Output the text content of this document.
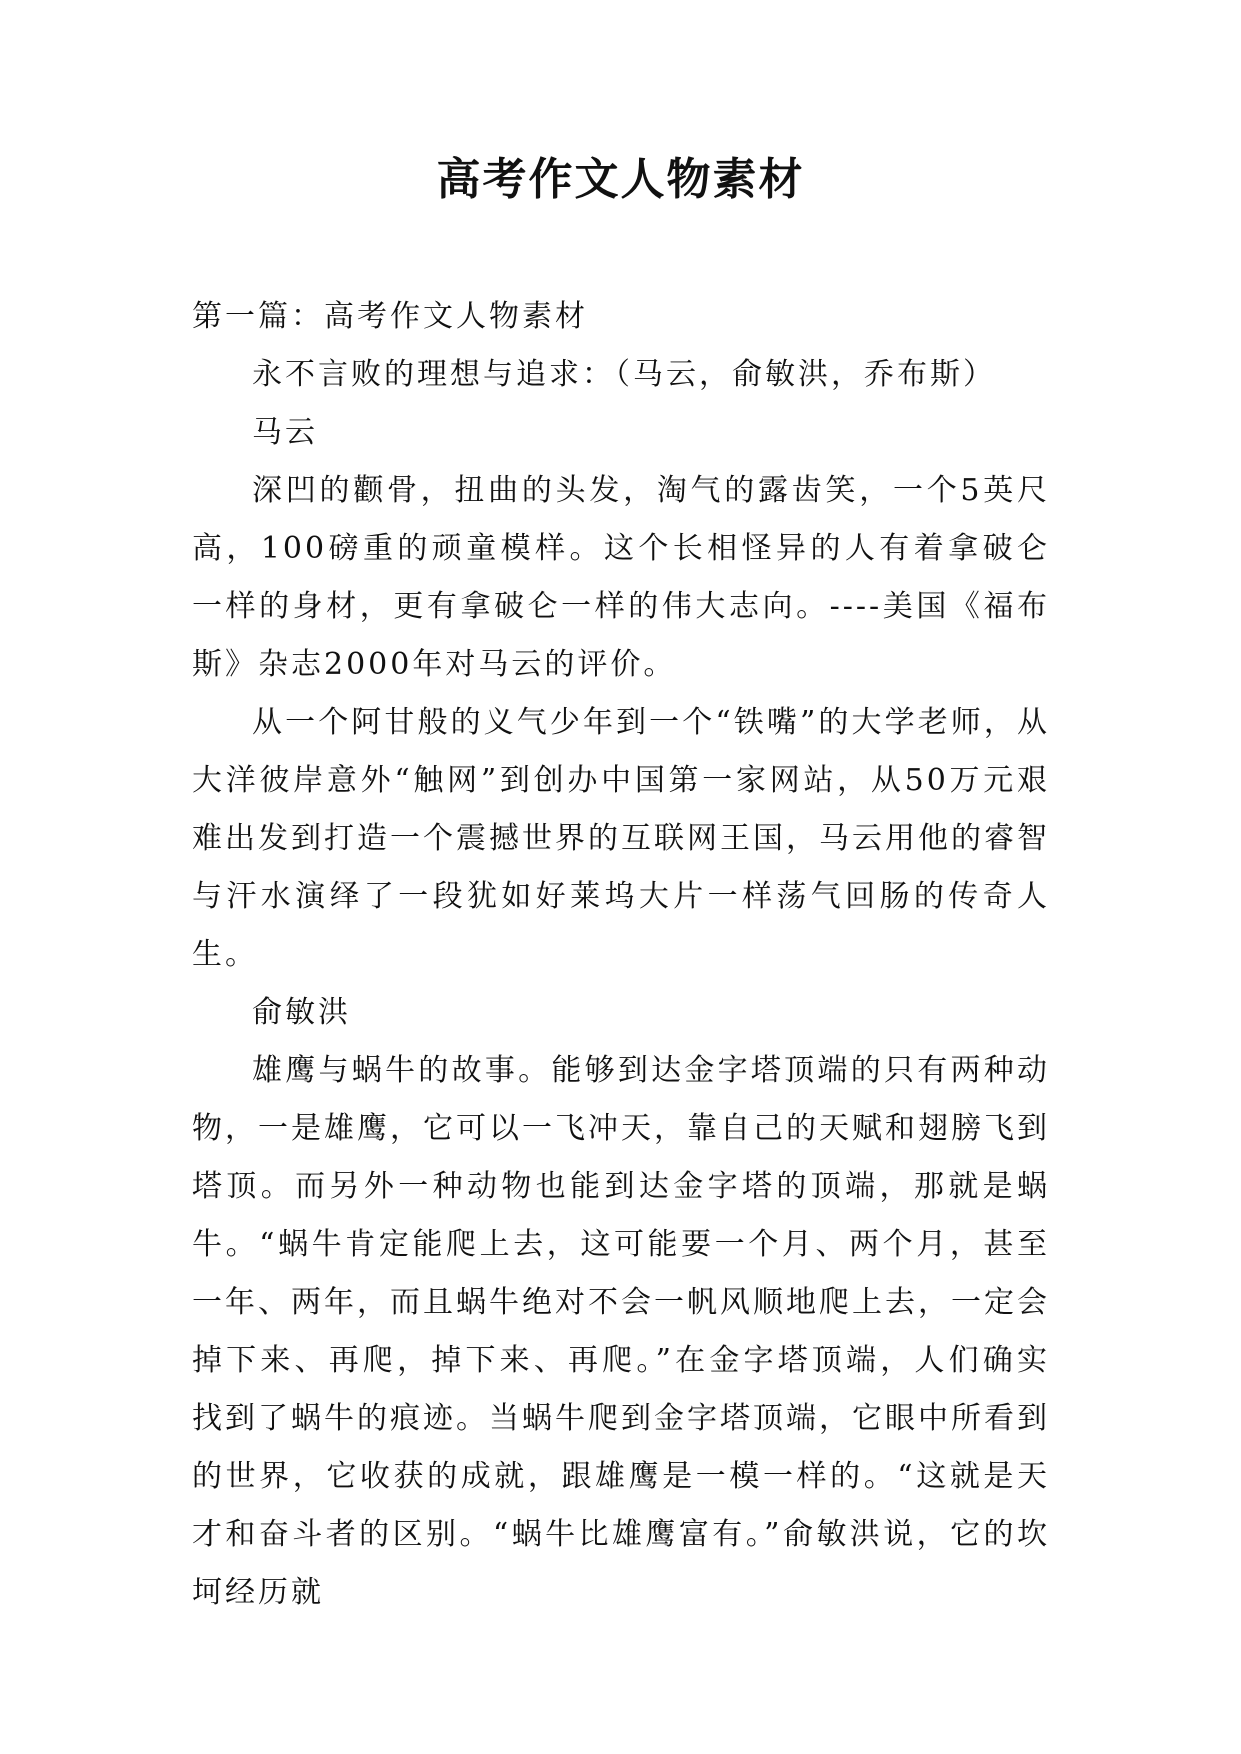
高考作文人物素材

第一篇：高考作文人物素材

永不言败的理想与追求：（马云，俞敏洪，乔布斯）

马云

深凹的颧骨，扭曲的头发，淘气的露齿笑，一个5英尺高，100磅重的顽童模样。这个长相怪异的人有着拿破仑一样的身材，更有拿破仑一样的伟大志向。----美国《福布斯》杂志2000年对马云的评价。

从一个阿甘般的义气少年到一个“铁嘴”的大学老师，从大洋彼岸意外“触网”到创办中国第一家网站，从50万元艰难出发到打造一个震撼世界的互联网王国，马云用他的睿智与汗水演绎了一段犹如好莱坞大片一样荡气回肠的传奇人生。

俞敏洪

雄鹰与蜗牛的故事。能够到达金字塔顶端的只有两种动物，一是雄鹰，它可以一飞冲天，靠自己的天赋和翅膀飞到塔顶。而另外一种动物也能到达金字塔的顶端，那就是蜗牛。“蜗牛肯定能爬上去，这可能要一个月、两个月，甚至一年、两年，而且蜗牛绝对不会一帆风顺地爬上去，一定会掉下来、再爬，掉下来、再爬。”在金字塔顶端，人们确实找到了蜗牛的痕迹。当蜗牛爬到金字塔顶端，它眼中所看到的世界，它收获的成就，跟雄鹰是一模一样的。“这就是天才和奋斗者的区别。“蜗牛比雄鹰富有。”俞敏洪说，它的坎坷经历就
